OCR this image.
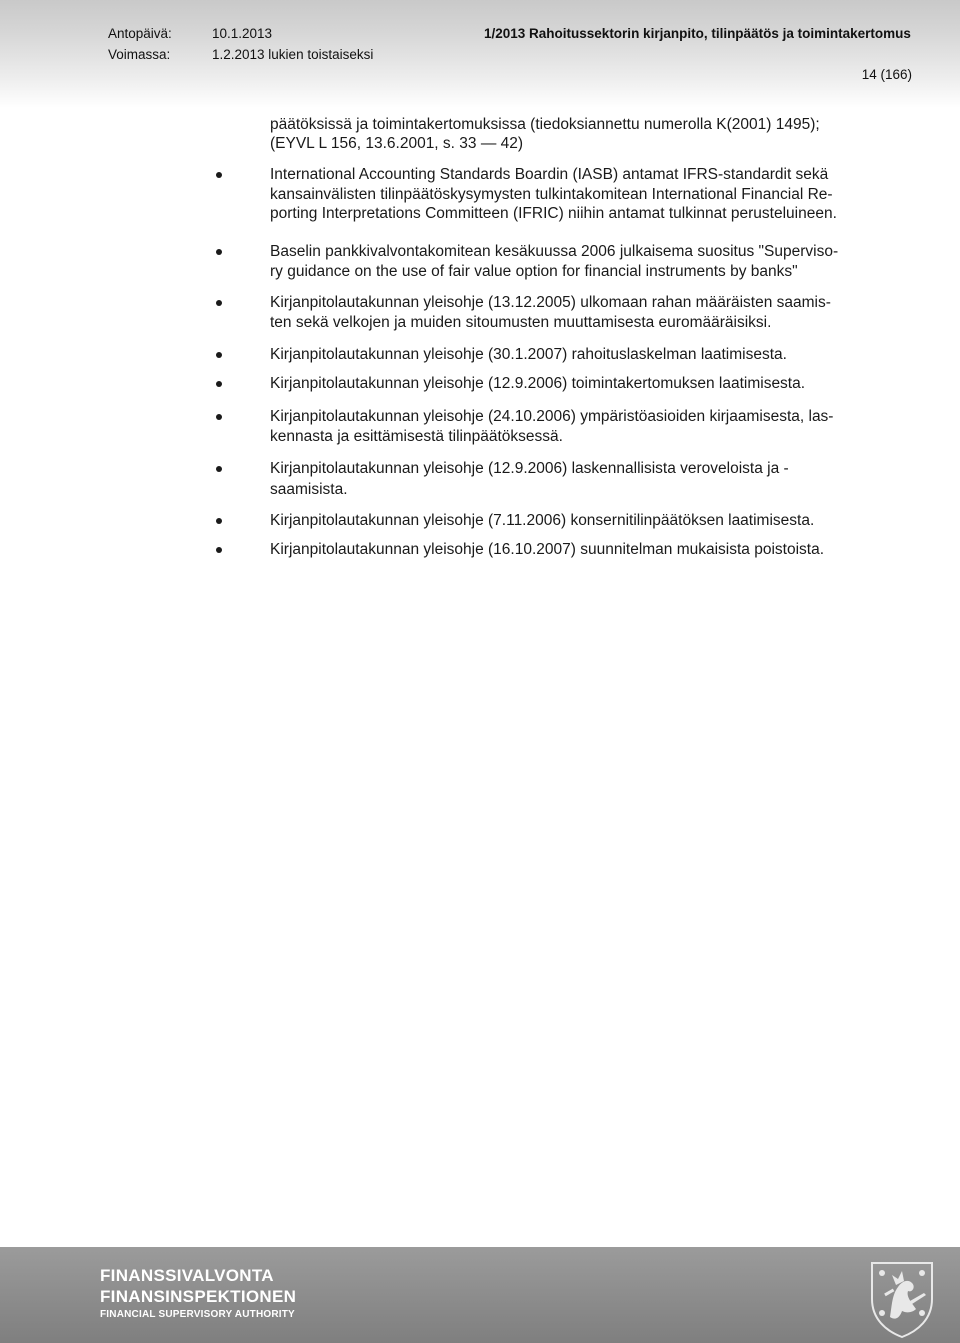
Antopäivä:	10.1.2013
Voimassa:	1.2.2013 lukien toistaiseksi
1/2013 Rahoitussektorin kirjanpito, tilinpäätös ja toimintakertomus
14 (166)
päätöksissä ja toimintakertomuksissa (tiedoksiannettu numerolla K(2001) 1495);
(EYVL L 156, 13.6.2001, s. 33 — 42)
International Accounting Standards Boardin (IASB) antamat IFRS-standardit sekä
kansainvälisten tilinpäätöskysymysten tulkintakomitean International Financial Re-
porting Interpretations Committeen (IFRIC) niihin antamat tulkinnat perusteluineen.
Baselin pankkivalvontakomitean kesäkuussa 2006 julkaisema suositus "Superviso-
ry guidance on the use of fair value option for financial instruments by banks"
Kirjanpitolautakunnan yleisohje (13.12.2005) ulkomaan rahan määräisten saamis-
ten sekä velkojen ja muiden sitoumusten muuttamisesta euromääräisiksi.
Kirjanpitolautakunnan yleisohje (30.1.2007) rahoituslaskelman laatimisesta.
Kirjanpitolautakunnan yleisohje (12.9.2006) toimintakertomuksen laatimisesta.
Kirjanpitolautakunnan yleisohje (24.10.2006) ympäristöasioiden kirjaamisesta, las-
kennasta ja esittämisestä tilinpäätöksessä.
Kirjanpitolautakunnan yleisohje (12.9.2006) laskennallisista veroveloista ja -
saamisista.
Kirjanpitolautakunnan yleisohje (7.11.2006) konsernitilinpäätöksen laatimisesta.
Kirjanpitolautakunnan yleisohje (16.10.2007) suunnitelman mukaisista poistoista.
FINANSSIVALVONTA
FINANSINSPEKTIONEN
FINANCIAL SUPERVISORY AUTHORITY
